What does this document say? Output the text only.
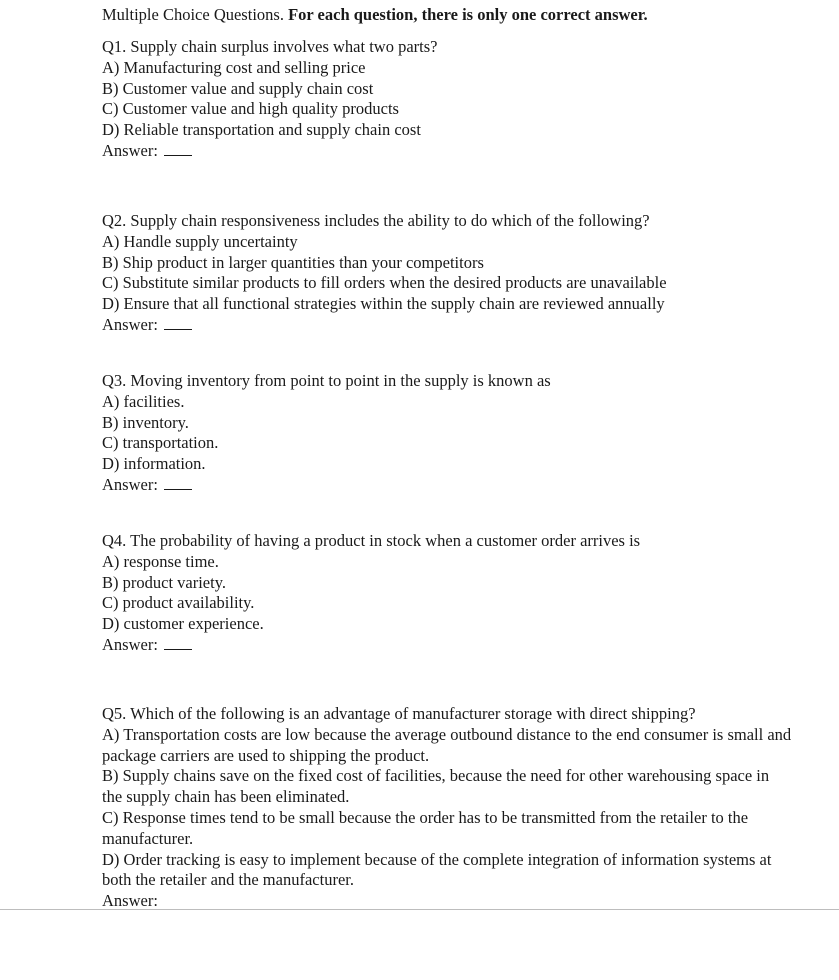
Multiple Choice Questions. For each question, there is only one correct answer.
Q1. Supply chain surplus involves what two parts?
A) Manufacturing cost and selling price
B) Customer value and supply chain cost
C) Customer value and high quality products
D) Reliable transportation and supply chain cost
Answer:
Q2. Supply chain responsiveness includes the ability to do which of the following?
A) Handle supply uncertainty
B) Ship product in larger quantities than your competitors
C) Substitute similar products to fill orders when the desired products are unavailable
D) Ensure that all functional strategies within the supply chain are reviewed annually
Answer:
Q3. Moving inventory from point to point in the supply is known as
A) facilities.
B) inventory.
C) transportation.
D) information.
Answer:
Q4. The probability of having a product in stock when a customer order arrives is
A) response time.
B) product variety.
C) product availability.
D) customer experience.
Answer:
Q5. Which of the following is an advantage of manufacturer storage with direct shipping?
A) Transportation costs are low because the average outbound distance to the end consumer is small and package carriers are used to shipping the product.
B) Supply chains save on the fixed cost of facilities, because the need for other warehousing space in the supply chain has been eliminated.
C) Response times tend to be small because the order has to be transmitted from the retailer to the manufacturer.
D) Order tracking is easy to implement because of the complete integration of information systems at both the retailer and the manufacturer.
Answer:
